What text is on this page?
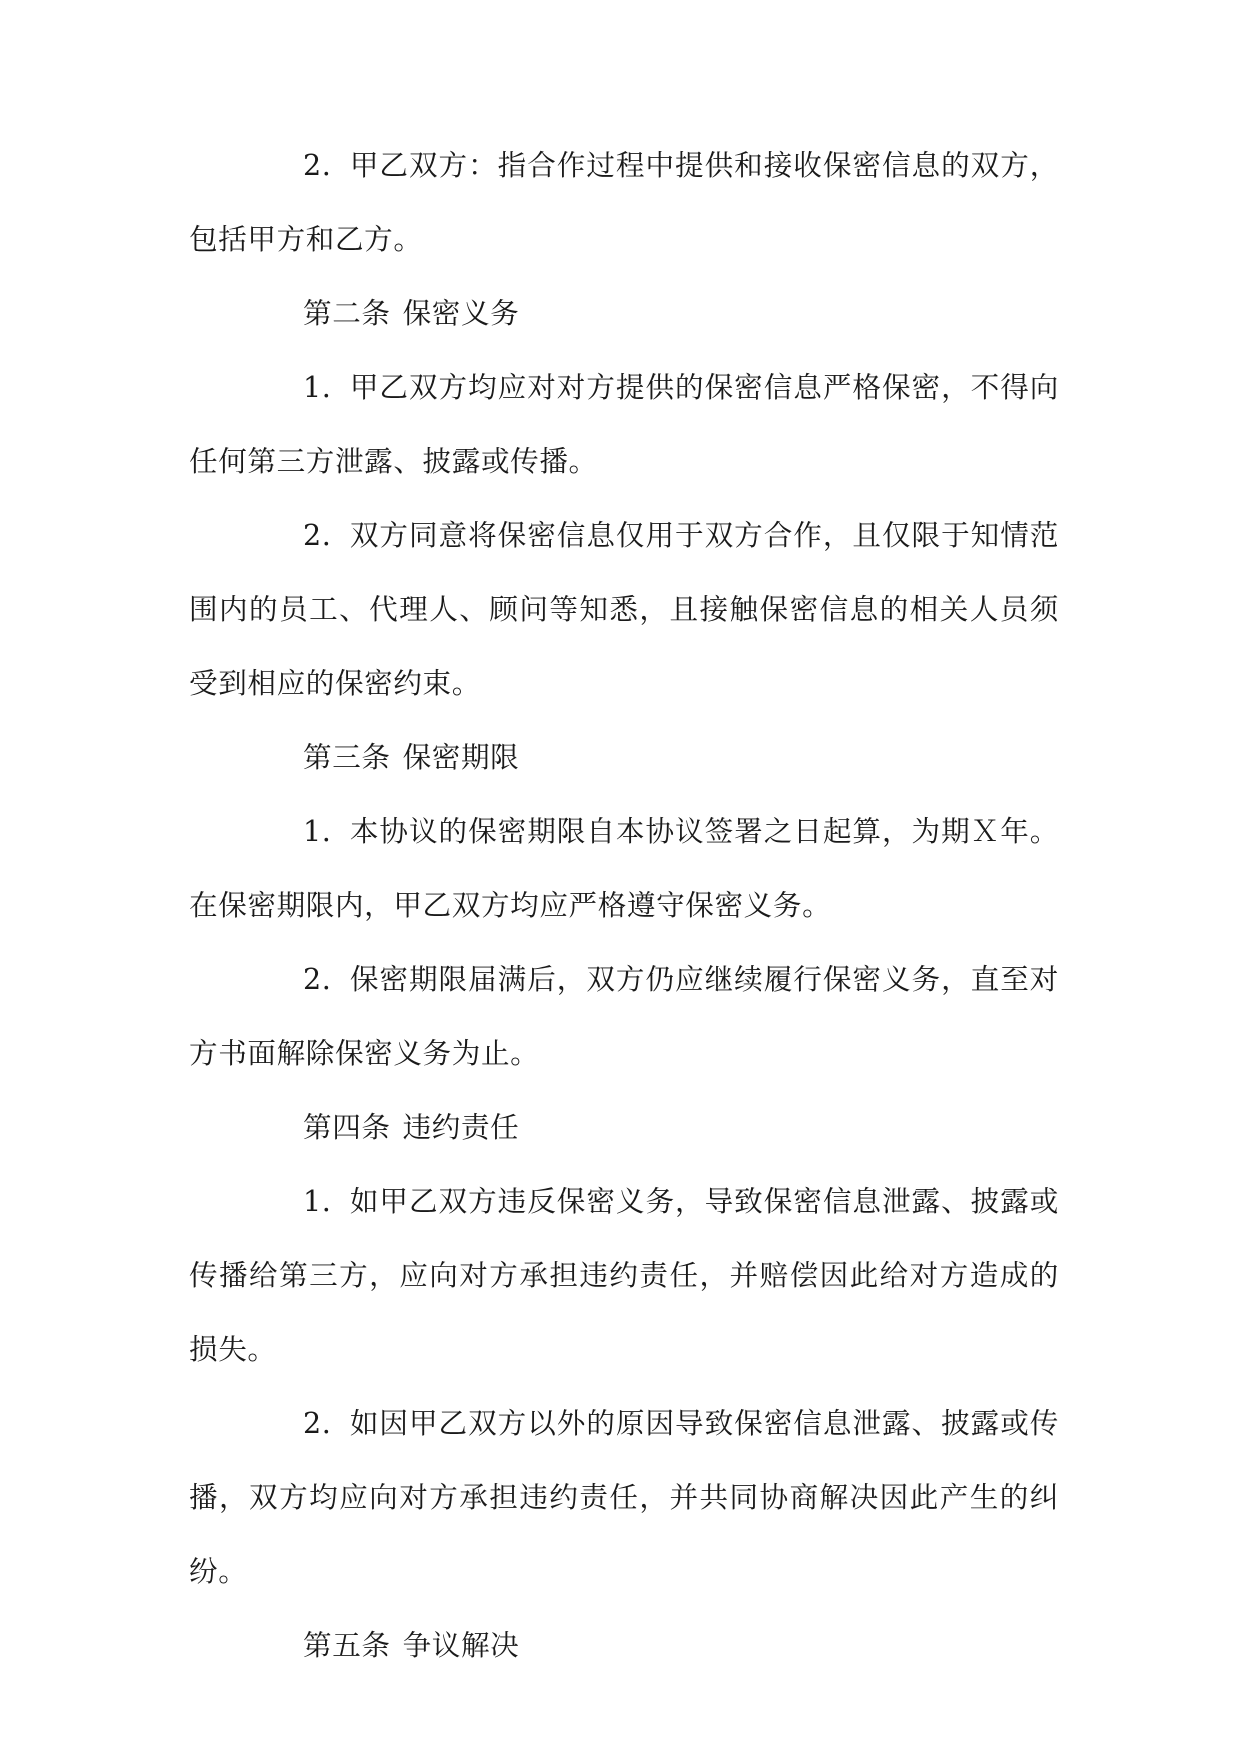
2. 甲乙双方：指合作过程中提供和接收保密信息的双方，包括甲方和乙方。

第二条 保密义务

1. 甲乙双方均应对对方提供的保密信息严格保密，不得向任何第三方泄露、披露或传播。

2. 双方同意将保密信息仅用于双方合作，且仅限于知情范围内的员工、代理人、顾问等知悉，且接触保密信息的相关人员须受到相应的保密约束。

第三条 保密期限

1. 本协议的保密期限自本协议签署之日起算，为期Ｘ年。在保密期限内，甲乙双方均应严格遵守保密义务。

2. 保密期限届满后，双方仍应继续履行保密义务，直至对方书面解除保密义务为止。

第四条 违约责任

1. 如甲乙双方违反保密义务，导致保密信息泄露、披露或传播给第三方，应向对方承担违约责任，并赔偿因此给对方造成的损失。

2. 如因甲乙双方以外的原因导致保密信息泄露、披露或传播，双方均应向对方承担违约责任，并共同协商解决因此产生的纠纷。

第五条 争议解决
